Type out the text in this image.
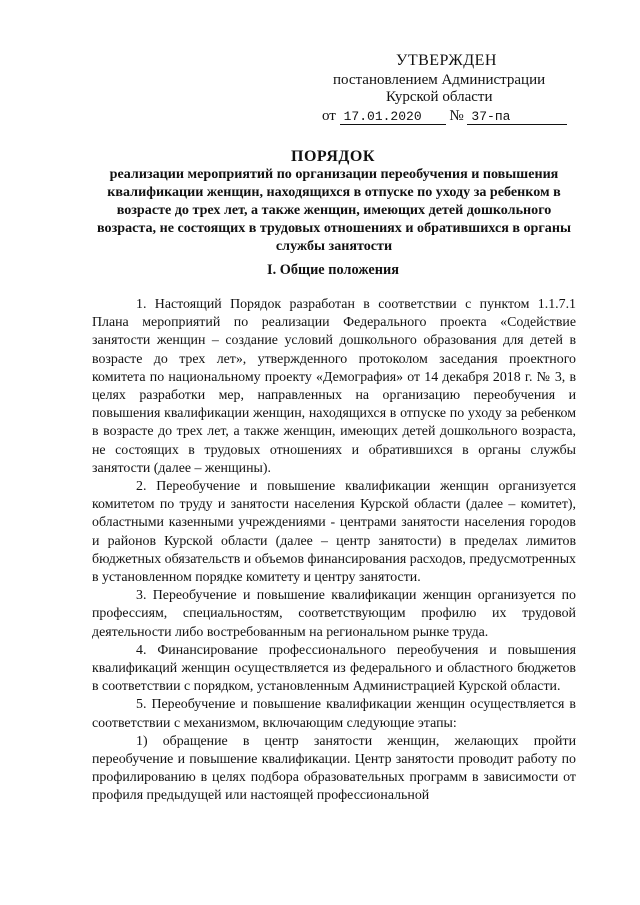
УТВЕРЖДЕН
постановлением Администрации
Курской области
от 17.01.2020 № 37-па
ПОРЯДОК
реализации мероприятий по организации переобучения и повышения квалификации женщин, находящихся в отпуске по уходу за ребенком в возрасте до трех лет, а также женщин, имеющих детей дошкольного возраста, не состоящих в трудовых отношениях и обратившихся в органы службы занятости
I. Общие положения

1. Настоящий Порядок разработан в соответствии с пунктом 1.1.7.1 Плана мероприятий по реализации Федерального проекта «Содействие занятости женщин – создание условий дошкольного образования для детей в возрасте до трех лет», утвержденного протоколом заседания проектного комитета по национальному проекту «Демография» от 14 декабря 2018 г. № 3, в целях разработки мер, направленных на организацию переобучения и повышения квалификации женщин, находящихся в отпуске по уходу за ребенком в возрасте до трех лет, а также женщин, имеющих детей дошкольного возраста, не состоящих в трудовых отношениях и обратившихся в органы службы занятости (далее – женщины).

2. Переобучение и повышение квалификации женщин организуется комитетом по труду и занятости населения Курской области (далее – комитет), областными казенными учреждениями - центрами занятости населения городов и районов Курской области (далее – центр занятости) в пределах лимитов бюджетных обязательств и объемов финансирования расходов, предусмотренных в установленном порядке комитету и центру занятости.

3. Переобучение и повышение квалификации женщин организуется по профессиям, специальностям, соответствующим профилю их трудовой деятельности либо востребованным на региональном рынке труда.

4. Финансирование профессионального переобучения и повышения квалификаций женщин осуществляется из федерального и областного бюджетов в соответствии с порядком, установленным Администрацией Курской области.

5. Переобучение и повышение квалификации женщин осуществляется в соответствии с механизмом, включающим следующие этапы:

1) обращение в центр занятости женщин, желающих пройти переобучение и повышение квалификации. Центр занятости проводит работу по профилированию в целях подбора образовательных программ в зависимости от профиля предыдущей или настоящей профессиональной
